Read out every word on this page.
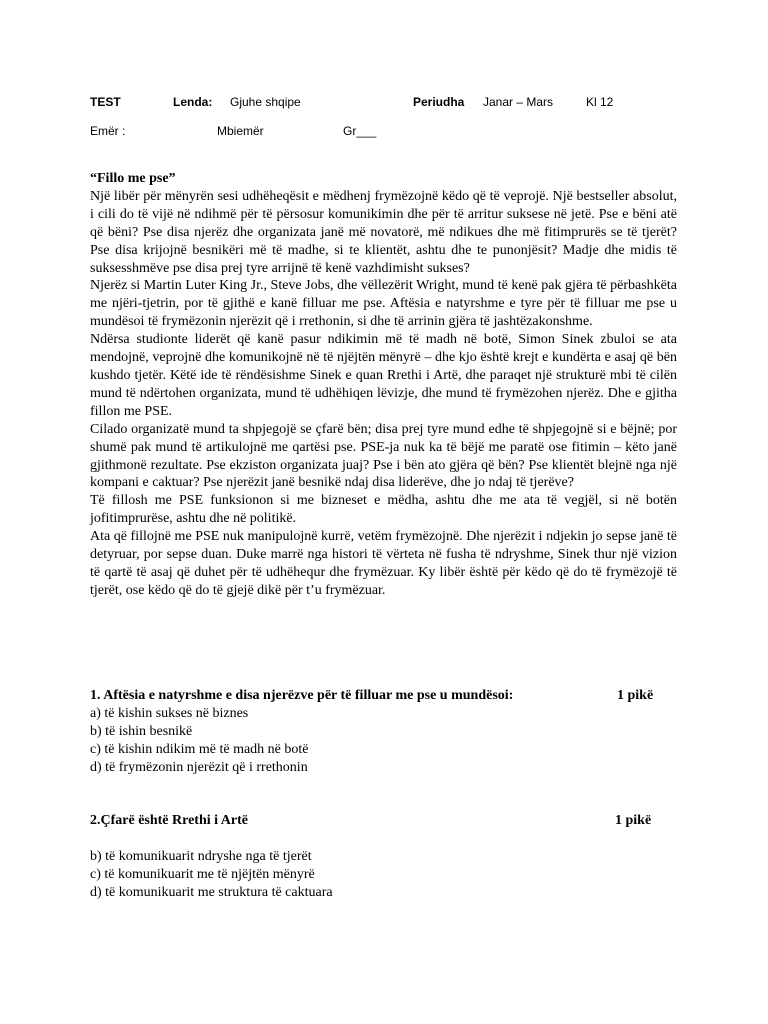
TEST	Lenda: Gjuhe shqipe	Periudha Janar – Mars	Kl 12
Emër :	Mbiemër	Gr___

“Fillo me pse”

Një libër për mënyrën sesi udhëheqësit e mëdhenj frymëzojnë këdo që të veprojë. Një bestseller absolut, i cili do të vijë në ndihmë për të përsosur komunikimin dhe për të arritur suksese në jetë. Pse e bëni atë që bëni? Pse disa njerëz dhe organizata janë më novatorë, më ndikues dhe më fitimprurës se të tjerët? Pse disa krijojnë besnikëri më të madhe, si te klientët, ashtu dhe te punonjësit? Madje dhe midis të suksesshmëve pse disa prej tyre arrijnë të kenë vazhdimisht sukses?

Njerëz si Martin Luter King Jr., Steve Jobs, dhe vëllezërit Wright, mund të kenë pak gjëra të përbashkëta me njëri-tjetrin, por të gjithë e kanë filluar me pse. Aftësia e natyrshme e tyre për të filluar me pse u mundësoi të frymëzonin njerëzit që i rrethonin, si dhe të arrinin gjëra të jashtëzakonshme.

Ndërsa studionte liderët që kanë pasur ndikimin më të madh në botë, Simon Sinek zbuloi se ata mendojnë, veprojnë dhe komunikojnë në të njëjtën mënyrë – dhe kjo është krejt e kundërta e asaj që bën kushdo tjetër. Këtë ide të rëndësishme Sinek e quan Rrethi i Artë, dhe paraqet një strukturë mbi të cilën mund të ndërtohen organizata, mund të udhëhiqen lëvizje, dhe mund të frymëzohen njerëz. Dhe e gjitha fillon me PSE.

Cilado organizatë mund ta shpjegojë se çfarë bën; disa prej tyre mund edhe të shpjegojnë si e bëjnë; por shumë pak mund të artikulojnë me qartësi pse. PSE-ja nuk ka të bëjë me paratë ose fitimin – këto janë gjithmonë rezultate. Pse ekziston organizata juaj? Pse i bën ato gjëra që bën? Pse klientët blejnë nga një kompani e caktuar? Pse njerëzit janë besnikë ndaj disa liderëve, dhe jo ndaj të tjerëve?

Të fillosh me PSE funksionon si me bizneset e mëdha, ashtu dhe me ata të vegjël, si në botën jofitimprurëse, ashtu dhe në politikë.

Ata që fillojnë me PSE nuk manipulojnë kurrë, vetëm frymëzojnë. Dhe njerëzit i ndjekin jo sepse janë të detyruar, por sepse duan. Duke marrë nga histori të vërteta në fusha të ndryshme, Sinek thur një vizion të qartë të asaj që duhet për të udhëhequr dhe frymëzuar. Ky libër është për këdo që do të frymëzojë të tjerët, ose këdo që do të gjejë dikë për t’u frymëzuar.

1. Aftësia e natyrshme e disa njerëzve për të filluar me pse u mundësoi:	1 pikë
a) të kishin sukses në biznes
b) të ishin besnikë
c) të kishin ndikim më të madh në botë
d) të frymëzonin njerëzit që i rrethonin
2.Çfarë është Rrethi i Artë	1 pikë
b) të komunikuarit ndryshe nga të tjerët
c) të komunikuarit me të njëjtën mënyrë
d) të komunikuarit me struktura të caktuara
